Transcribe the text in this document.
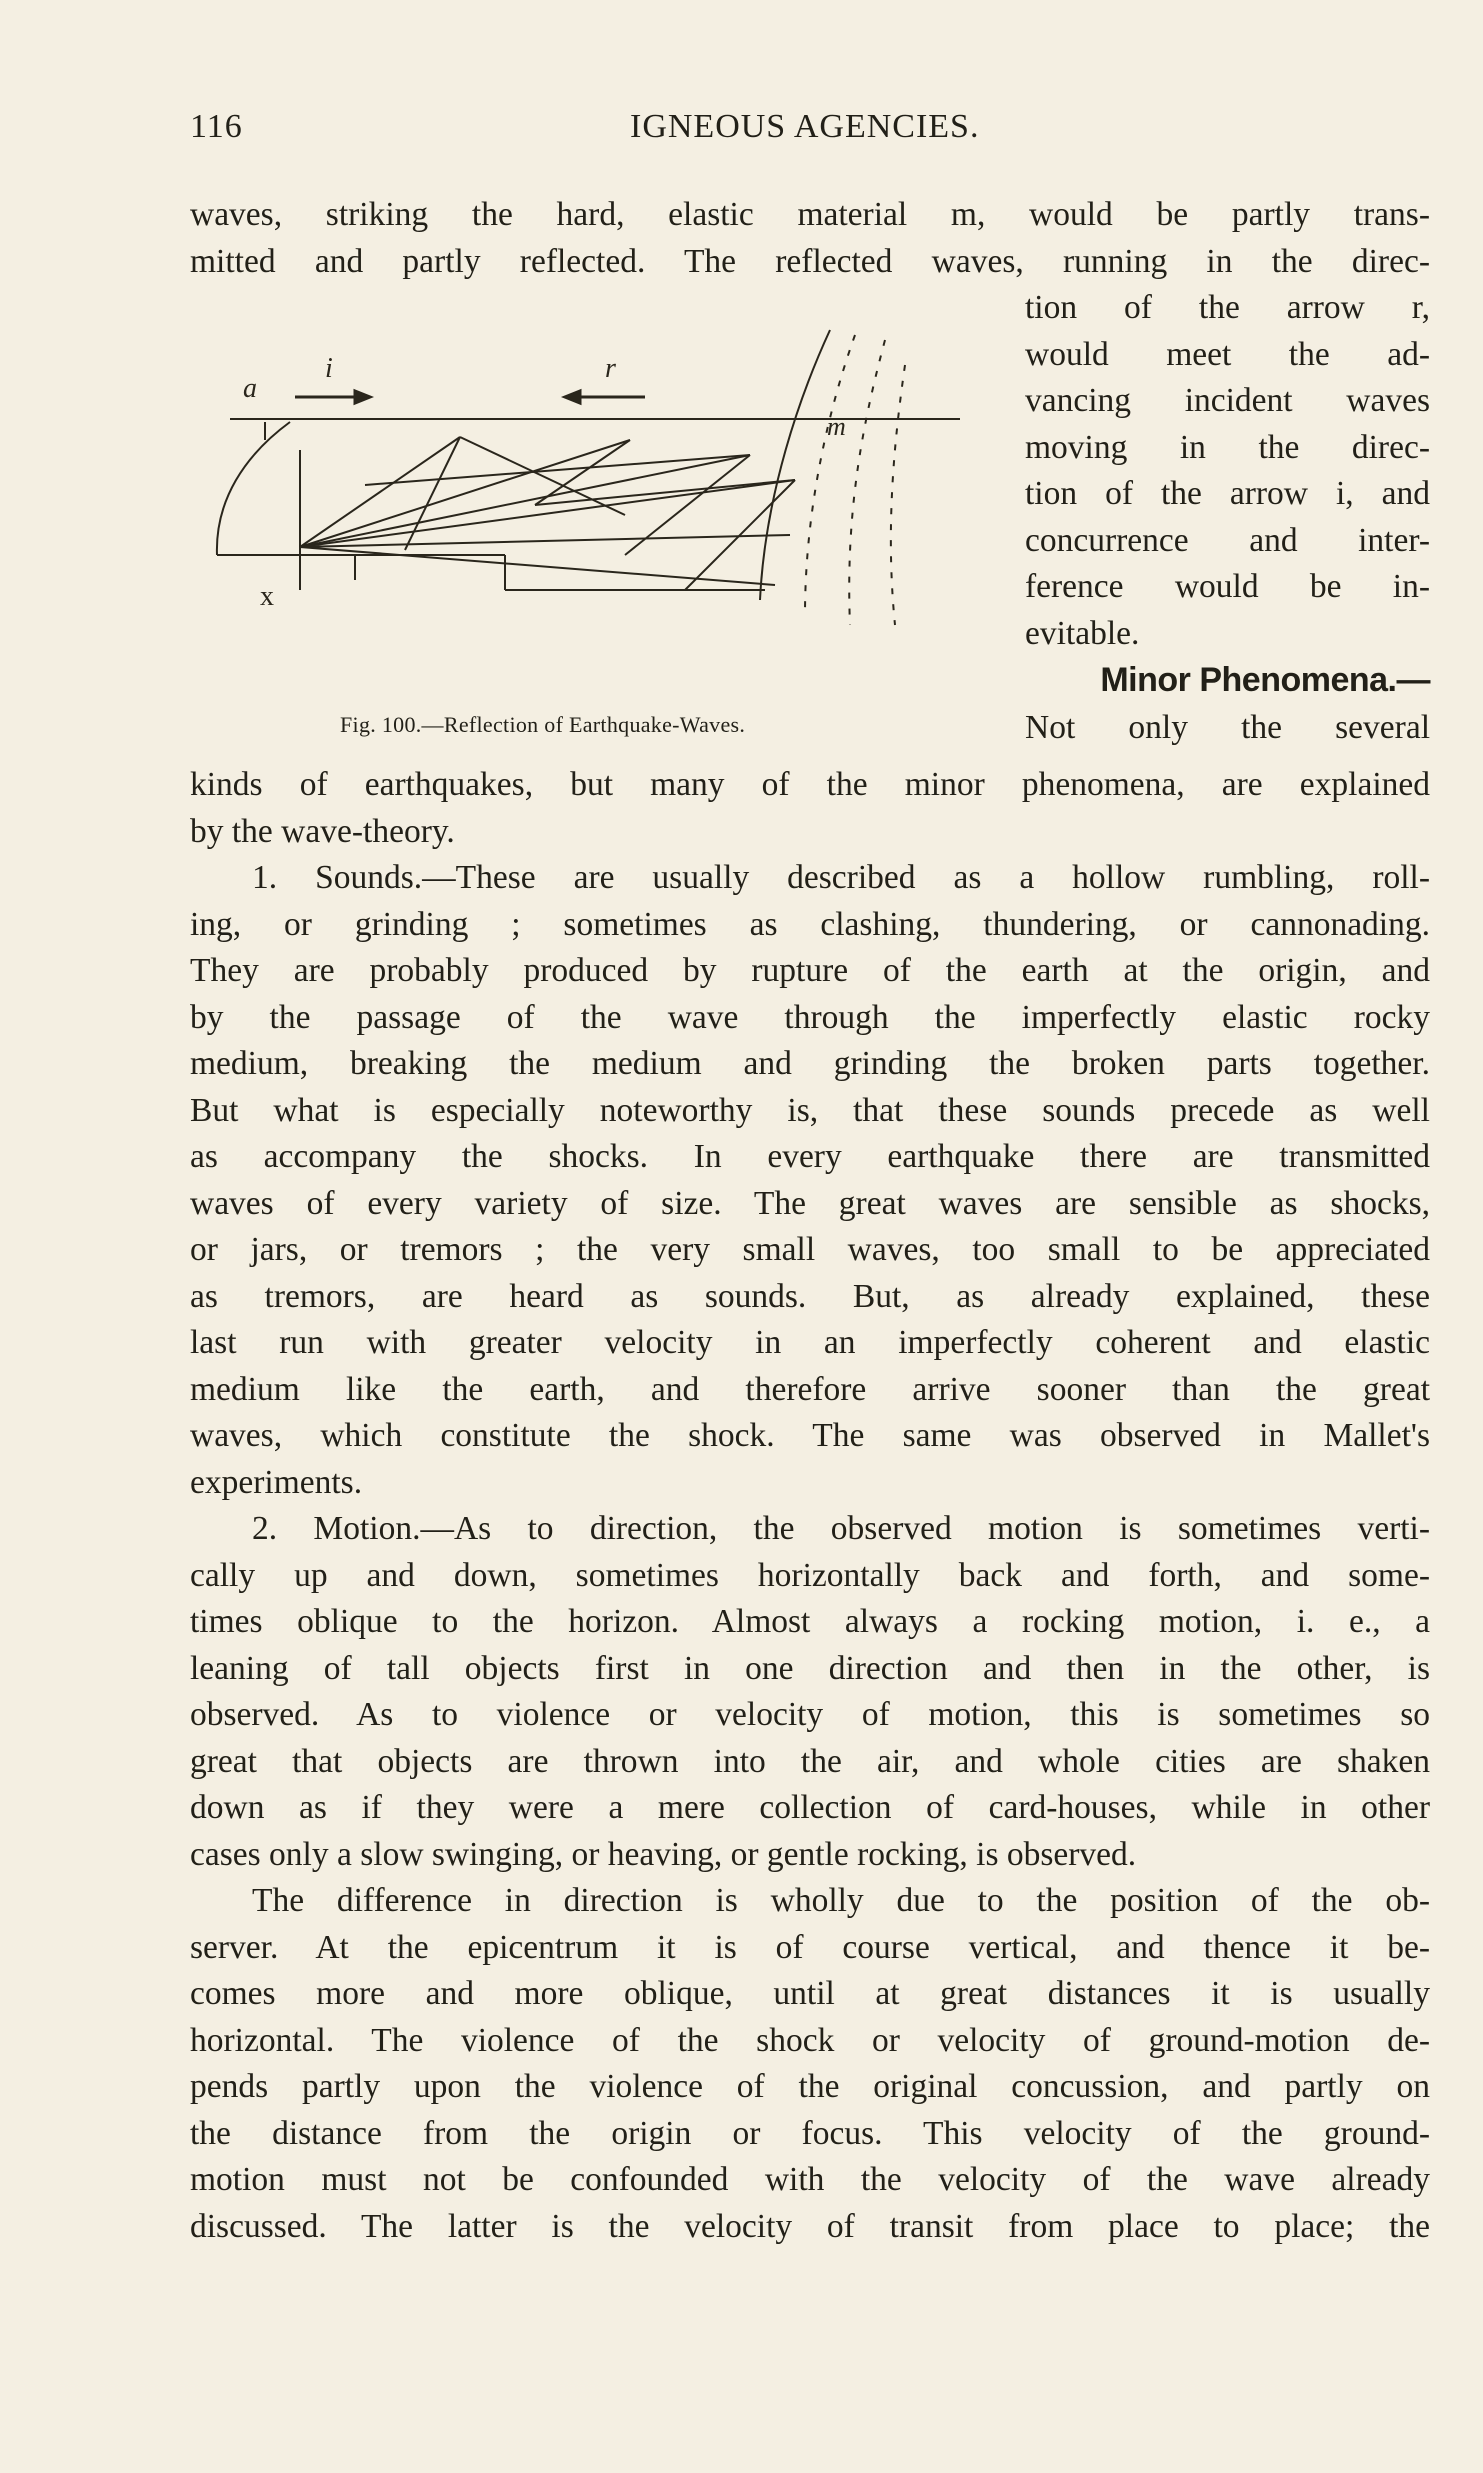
116	IGNEOUS AGENCIES.
waves, striking the hard, elastic material m, would be partly trans-
mitted and partly reflected. The reflected waves, running in the direc-
tion of the arrow r,
would meet the ad-
vancing incident waves
moving in the direc-
tion of the arrow i, and
concurrence and inter-
ference would be in-
evitable.
Minor Phenomena.—
Not only the several
a
i	r
m
x
Fig. 100.—Reflection of Earthquake-Waves.
kinds of earthquakes, but many of the minor phenomena, are explained
by the wave-theory.
1. Sounds.—These are usually described as a hollow rumbling, roll-
ing, or grinding ; sometimes as clashing, thundering, or cannonading.
They are probably produced by rupture of the earth at the origin, and
by the passage of the wave through the imperfectly elastic rocky
medium, breaking the medium and grinding the broken parts together.
But what is especially noteworthy is, that these sounds precede as well
as accompany the shocks. In every earthquake there are transmitted
waves of every variety of size. The great waves are sensible as shocks,
or jars, or tremors ; the very small waves, too small to be appreciated
as tremors, are heard as sounds. But, as already explained, these
last run with greater velocity in an imperfectly coherent and elastic
medium like the earth, and therefore arrive sooner than the great
waves, which constitute the shock. The same was observed in Mallet's
experiments.
2. Motion.—As to direction, the observed motion is sometimes verti-
cally up and down, sometimes horizontally back and forth, and some-
times oblique to the horizon. Almost always a rocking motion, i. e., a
leaning of tall objects first in one direction and then in the other, is
observed. As to violence or velocity of motion, this is sometimes so
great that objects are thrown into the air, and whole cities are shaken
down as if they were a mere collection of card-houses, while in other
cases only a slow swinging, or heaving, or gentle rocking, is observed.
The difference in direction is wholly due to the position of the ob-
server. At the epicentrum it is of course vertical, and thence it be-
comes more and more oblique, until at great distances it is usually
horizontal. The violence of the shock or velocity of ground-motion de-
pends partly upon the violence of the original concussion, and partly on
the distance from the origin or focus. This velocity of the ground-
motion must not be confounded with the velocity of the wave already
discussed. The latter is the velocity of transit from place to place; the
